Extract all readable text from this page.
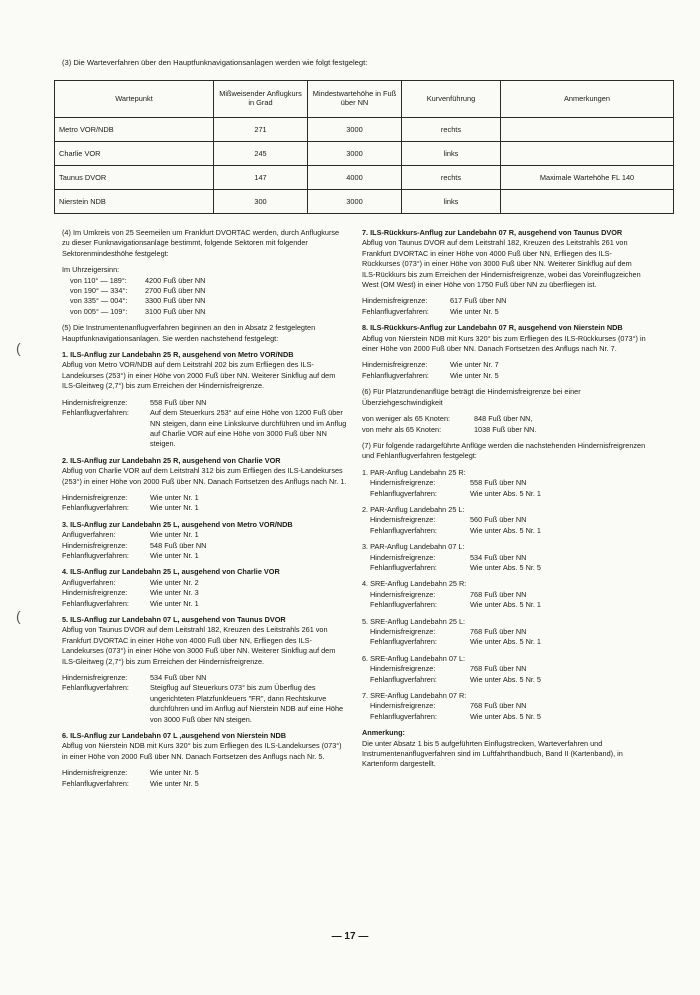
(3) Die Warteverfahren über den Hauptfunknavigationsanlagen werden wie folgt festgelegt:
Wartepunkt	Mißweisender Anflugkurs in Grad	Mindestwartehöhe in Fuß über NN	Kurvenführung	Anmerkungen
Metro VOR/NDB	271	3000	rechts	
Charlie VOR	245	3000	links	
Taunus DVOR	147	4000	rechts	Maximale Wartehöhe FL 140
Nierstein NDB	300	3000	links	

(4) Im Umkreis von 25 Seemeilen um Frankfurt DVORTAC werden, durch Anflugkurse zu dieser Funknavigationsanlage bestimmt, folgende Sektoren mit folgender Sektorenmindesthöhe festgelegt:

Im Uhrzeigersinn:

von 110° — 189°:	4200 Fuß über NN
von 190° — 334°:	2700 Fuß über NN
von 335° — 004°:	3300 Fuß über NN
von 005° — 109°:	3100 Fuß über NN

(5) Die Instrumentenanflugverfahren beginnen an den in Absatz 2 festgelegten Hauptfunknavigationsanlagen. Sie werden nachstehend festgelegt:

1. ILS-Anflug zur Landebahn 25 R, ausgehend von Metro VOR/NDB

Abflug von Metro VOR/NDB auf dem Leitstrahl 202 bis zum Erfliegen des ILS-Landekurses (253°) in einer Höhe von 2000 Fuß über NN. Weiterer Sinkflug auf dem ILS-Gleitweg (2,7°) bis zum Erreichen der Hindernisfreigrenze.

Hindernisfreigrenze:	558 Fuß über NN
Fehlanflugverfahren:	Auf dem Steuerkurs 253° auf eine Höhe von 1200 Fuß über NN steigen, dann eine Linkskurve durchführen und im Anflug auf Charlie VOR auf eine Höhe von 3000 Fuß über NN steigen.

2. ILS-Anflug zur Landebahn 25 R, ausgehend von Charlie VOR

Abflug von Charlie VOR auf dem Leitstrahl 312 bis zum Erfliegen des ILS-Landekurses (253°) in einer Höhe von 2000 Fuß über NN. Danach Fortsetzen des Anflugs nach Nr. 1.

Hindernisfreigrenze:	Wie unter Nr. 1
Fehlanflugverfahren:	Wie unter Nr. 1

3. ILS-Anflug zur Landebahn 25 L, ausgehend von Metro VOR/NDB

Anflugverfahren:	Wie unter Nr. 1
Hindernisfreigrenze:	548 Fuß über NN
Fehlanflugverfahren:	Wie unter Nr. 1

4. ILS-Anflug zur Landebahn 25 L, ausgehend von Charlie VOR

Anflugverfahren:	Wie unter Nr. 2
Hindernisfreigrenze:	Wie unter Nr. 3
Fehlanflugverfahren:	Wie unter Nr. 1

5. ILS-Anflug zur Landebahn 07 L, ausgehend von Taunus DVOR

Abflug von Taunus DVOR auf dem Leitstrahl 182, Kreuzen des Leitstrahls 261 von Frankfurt DVORTAC in einer Höhe von 4000 Fuß über NN, Erfliegen des ILS-Landekurses (073°) in einer Höhe von 3000 Fuß über NN. Weiterer Sinkflug auf dem ILS-Gleitweg (2,7°) bis zum Erreichen der Hindernisfreigrenze.

Hindernisfreigrenze:	534 Fuß über NN
Fehlanflugverfahren:	Steigflug auf Steuerkurs 073° bis zum Überflug des ungerichteten Platzfunkfeuers "FR", dann Rechtskurve durchführen und im Anflug auf Nierstein NDB auf eine Höhe von 3000 Fuß über NN steigen.

6. ILS-Anflug zur Landebahn 07 L ,ausgehend von Nierstein NDB

Abflug von Nierstein NDB mit Kurs 320° bis zum Erfliegen des ILS-Landekurses (073°) in einer Höhe von 2000 Fuß über NN. Danach Fortsetzen des Anflugs nach Nr. 5.

Hindernisfreigrenze:	Wie unter Nr. 5
Fehlanflugverfahren:	Wie unter Nr. 5

7. ILS-Rückkurs-Anflug zur Landebahn 07 R, ausgehend von Taunus DVOR

Abflug von Taunus DVOR auf dem Leitstrahl 182, Kreuzen des Leitstrahls 261 von Frankfurt DVORTAC in einer Höhe von 4000 Fuß über NN, Erfliegen des ILS-Rückkurses (073°) in einer Höhe von 3000 Fuß über NN. Weiterer Sinkflug auf dem ILS-Rückkurs bis zum Erreichen der Hindernisfreigrenze, wobei das Voreinflugzeichen West (OM West) in einer Höhe von 1750 Fuß über NN zu überfliegen ist.

Hindernisfreigrenze:	617 Fuß über NN
Fehlanflugverfahren:	Wie unter Nr. 5

8. ILS-Rückkurs-Anflug zur Landebahn 07 R, ausgehend von Nierstein NDB

Abflug von Nierstein NDB mit Kurs 320° bis zum Erfliegen des ILS-Rückkurses (073°) in einer Höhe von 2000 Fuß über NN. Danach Fortsetzen des Anflugs nach Nr. 7.

Hindernisfreigrenze:	Wie unter Nr. 7
Fehlanflugverfahren:	Wie unter Nr. 5

(6) Für Platzrundenanflüge beträgt die Hindernisfreigrenze bei einer Überziehgeschwindigkeit

von weniger als 65 Knoten:	848 Fuß über NN,
von mehr als 65 Knoten:	1038 Fuß über NN.

(7) Für folgende radargeführte Anflüge werden die nachstehenden Hindernisfreigrenzen und Fehlanflugverfahren festgelegt:

1. PAR-Anflug Landebahn 25 R:

Hindernisfreigrenze:	558 Fuß über NN
Fehlanflugverfahren:	Wie unter Abs. 5 Nr. 1

2. PAR-Anflug Landebahn 25 L:

Hindernisfreigrenze:	560 Fuß über NN
Fehlanflugverfahren:	Wie unter Abs. 5 Nr. 1

3. PAR-Anflug Landebahn 07 L:

Hindernisfreigrenze:	534 Fuß über NN
Fehlanflugverfahren:	Wie unter Abs. 5 Nr. 5

4. SRE-Anflug Landebahn 25 R:

Hindernisfreigrenze:	768 Fuß über NN
Fehlanflugverfahren:	Wie unter Abs. 5 Nr. 1

5. SRE-Anflug Landebahn 25 L:

Hindernisfreigrenze:	768 Fuß über NN
Fehlanflugverfahren:	Wie unter Abs. 5 Nr. 1

6. SRE-Anflug Landebahn 07 L:

Hindernisfreigrenze:	768 Fuß über NN
Fehlanflugverfahren:	Wie unter Abs. 5 Nr. 5

7. SRE-Anflug Landebahn 07 R:

Hindernisfreigrenze:	768 Fuß über NN
Fehlanflugverfahren:	Wie unter Abs. 5 Nr. 5

Anmerkung:

Die unter Absatz 1 bis 5 aufgeführten Einflugstrecken, Warteverfahren und Instrumentenanflugverfahren sind im Luftfahrthandbuch, Band II (Kartenband), in Kartenform dargestellt.

— 17 —
(
(
